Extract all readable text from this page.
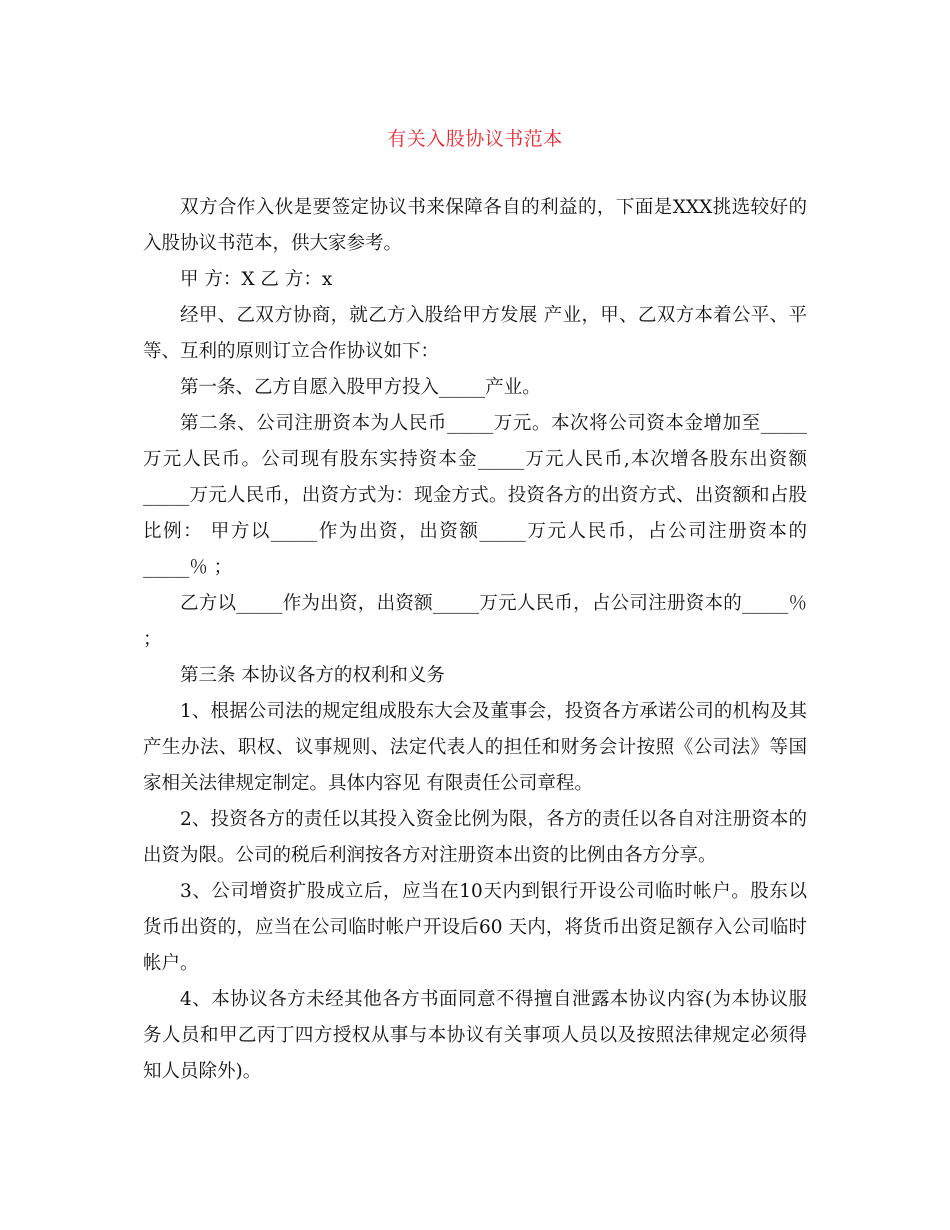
有关入股协议书范本

双方合作入伙是要签定协议书来保障各自的利益的，下面是XXX挑选较好的入股协议书范本，供大家参考。

甲 方：X 乙 方：x

经甲、乙双方协商，就乙方入股给甲方发展 产业，甲、乙双方本着公平、平等、互利的原则订立合作协议如下：

第一条、乙方自愿入股甲方投入_____产业。

第二条、公司注册资本为人民币_____万元。本次将公司资本金增加至_____万元人民币。公司现有股东实持资本金_____万元人民币,本次增各股东出资额_____万元人民币，出资方式为：现金方式。投资各方的出资方式、出资额和占股比例： 甲方以_____作为出资，出资额_____万元人民币，占公司注册资本的_____％ ；

乙方以_____作为出资，出资额_____万元人民币，占公司注册资本的_____％ ；

第三条 本协议各方的权利和义务

1、根据公司法的规定组成股东大会及董事会，投资各方承诺公司的机构及其产生办法、职权、议事规则、法定代表人的担任和财务会计按照《公司法》等国家相关法律规定制定。具体内容见 有限责任公司章程。

2、投资各方的责任以其投入资金比例为限，各方的责任以各自对注册资本的出资为限。公司的税后利润按各方对注册资本出资的比例由各方分享。

3、公司增资扩股成立后，应当在10天内到银行开设公司临时帐户。股东以货币出资的，应当在公司临时帐户开设后60 天内，将货币出资足额存入公司临时帐户。

4、本协议各方未经其他各方书面同意不得擅自泄露本协议内容(为本协议服务人员和甲乙丙丁四方授权从事与本协议有关事项人员以及按照法律规定必须得知人员除外)。
